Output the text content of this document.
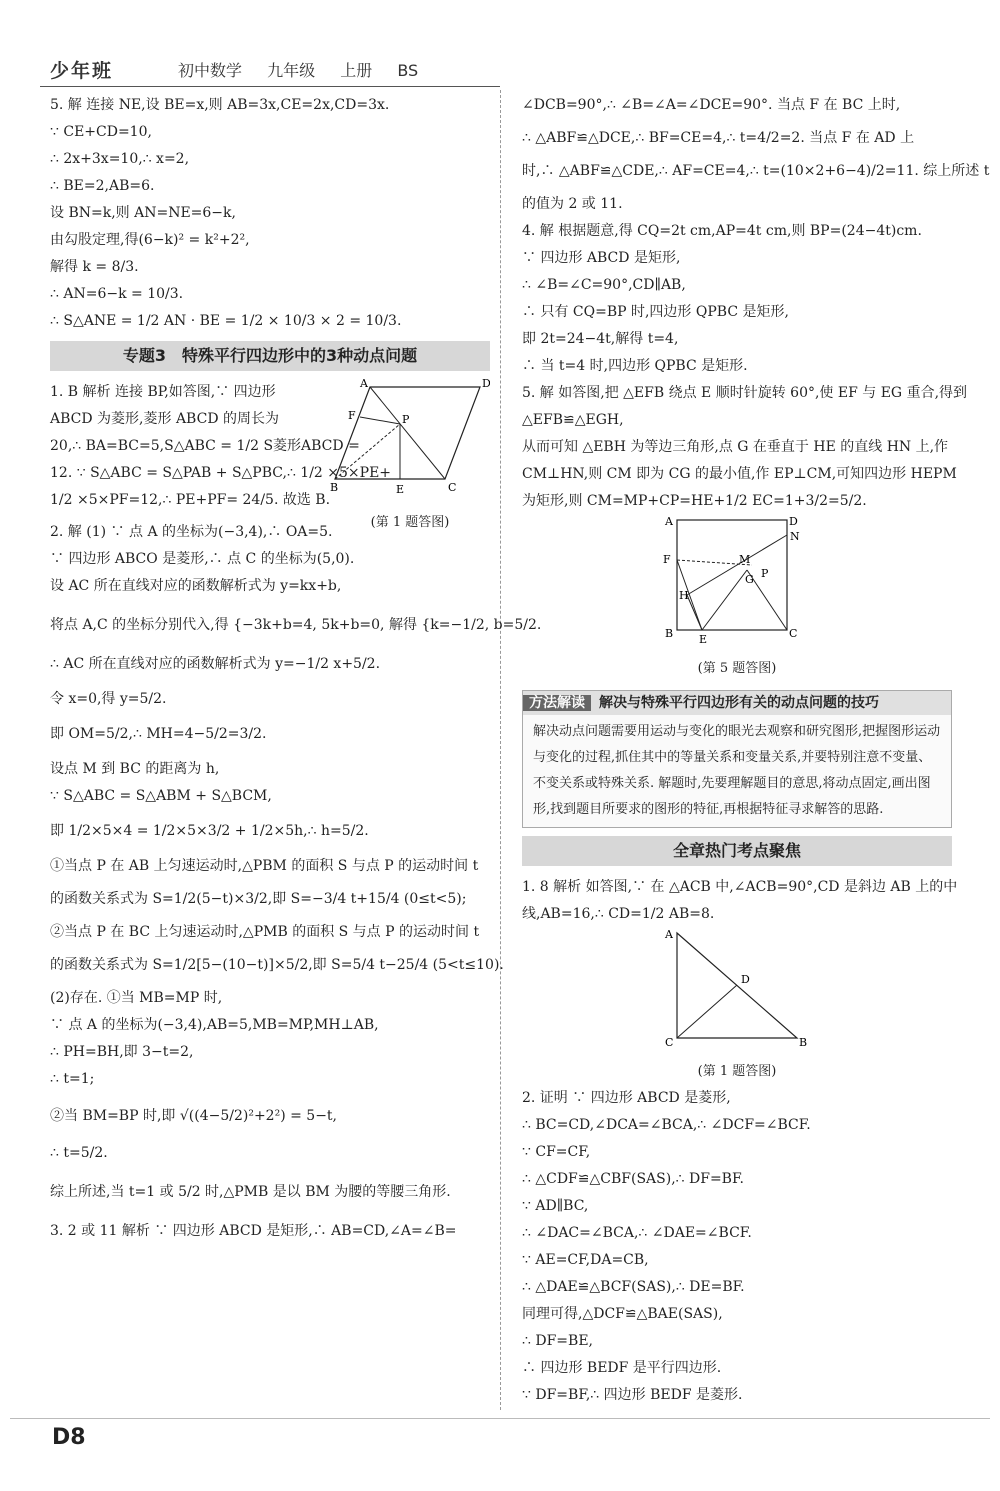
少年班	初中数学 九年级 上册 BS

5. 解 连接 NE,设 BE=x,则 AB=3x,CE=2x,CD=3x.

∵ CE+CD=10,

∴ 2x+3x=10,∴ x=2,

∴ BE=2,AB=6.

设 BN=k,则 AN=NE=6−k,

由勾股定理,得(6−k)² = k²+2²,

解得 k = 8/3.

∴ AN=6−k = 10/3.

∴ S△ANE = 1/2 AN · BE = 1/2 × 10/3 × 2 = 10/3.

专题3　特殊平行四边形中的3种动点问题

1. B 解析 连接 BP,如答图,∵ 四边形

ABCD 为菱形,菱形 ABCD 的周长为

20,∴ BA=BC=5,S△ABC = 1/2 S菱形ABCD =

12. ∵ S△ABC = S△PAB + S△PBC,∴ 1/2 ×5×PE+

1/2 ×5×PF=12,∴ PE+PF= 24/5. 故选 B.

A	D
B	C
P
F
E
(第 1 题答图)

2. 解 (1) ∵ 点 A 的坐标为(−3,4),∴ OA=5.

∵ 四边形 ABCO 是菱形,∴ 点 C 的坐标为(5,0).

设 AC 所在直线对应的函数解析式为 y=kx+b,

将点 A,C 的坐标分别代入,得 {−3k+b=4, 5k+b=0, 解得 {k=−1/2, b=5/2.

∴ AC 所在直线对应的函数解析式为 y=−1/2 x+5/2.

令 x=0,得 y=5/2.

即 OM=5/2,∴ MH=4−5/2=3/2.

设点 M 到 BC 的距离为 h,

∵ S△ABC = S△ABM + S△BCM,

即 1/2×5×4 = 1/2×5×3/2 + 1/2×5h,∴ h=5/2.

①当点 P 在 AB 上匀速运动时,△PBM 的面积 S 与点 P 的运动时间 t

的函数关系式为 S=1/2(5−t)×3/2,即 S=−3/4 t+15/4 (0≤t<5);

②当点 P 在 BC 上匀速运动时,△PMB 的面积 S 与点 P 的运动时间 t

的函数关系式为 S=1/2[5−(10−t)]×5/2,即 S=5/4 t−25/4 (5<t≤10).

(2)存在. ①当 MB=MP 时,

∵ 点 A 的坐标为(−3,4),AB=5,MB=MP,MH⊥AB,

∴ PH=BH,即 3−t=2,

∴ t=1;

②当 BM=BP 时,即 √((4−5/2)²+2²) = 5−t,

∴ t=5/2.

综上所述,当 t=1 或 5/2 时,△PMB 是以 BM 为腰的等腰三角形.

3. 2 或 11 解析 ∵ 四边形 ABCD 是矩形,∴ AB=CD,∠A=∠B=

∠DCB=90°,∴ ∠B=∠A=∠DCE=90°. 当点 F 在 BC 上时,

∴ △ABF≌△DCE,∴ BF=CE=4,∴ t=4/2=2. 当点 F 在 AD 上

时,∴ △ABF≌△CDE,∴ AF=CE=4,∴ t=(10×2+6−4)/2=11. 综上所述 t

的值为 2 或 11.

4. 解 根据题意,得 CQ=2t cm,AP=4t cm,则 BP=(24−4t)cm.

∵ 四边形 ABCD 是矩形,

∴ ∠B=∠C=90°,CD∥AB,

∴ 只有 CQ=BP 时,四边形 QPBC 是矩形,

即 2t=24−4t,解得 t=4,

∴ 当 t=4 时,四边形 QPBC 是矩形.

5. 解 如答图,把 △EFB 绕点 E 顺时针旋转 60°,使 EF 与 EG 重合,得到

△EFB≌△EGH,

从而可知 △EBH 为等边三角形,点 G 在垂直于 HE 的直线 HN 上,作

CM⊥HN,则 CM 即为 CG 的最小值,作 EP⊥CM,可知四边形 HEPM

为矩形,则 CM=MP+CP=HE+1/2 EC=1+3/2=5/2.

A	D
N
F	M
G P
H
B	C
E
(第 5 题答图)
方法解读 解决与特殊平行四边形有关的动点问题的技巧
解决动点问题需要用运动与变化的眼光去观察和研究图形,把握图形运动与变化的过程,抓住其中的等量关系和变量关系,并要特别注意不变量、不变关系或特殊关系. 解题时,先要理解题目的意思,将动点固定,画出图形,找到题目所要求的图形的特征,再根据特征寻求解答的思路.
全章热门考点聚焦

1. 8 解析 如答图,∵ 在 △ACB 中,∠ACB=90°,CD 是斜边 AB 上的中

线,AB=16,∴ CD=1/2 AB=8.

A
D
C	B
(第 1 题答图)

2. 证明 ∵ 四边形 ABCD 是菱形,

∴ BC=CD,∠DCA=∠BCA,∴ ∠DCF=∠BCF.

∵ CF=CF,

∴ △CDF≌△CBF(SAS),∴ DF=BF.

∵ AD∥BC,

∴ ∠DAC=∠BCA,∴ ∠DAE=∠BCF.

∵ AE=CF,DA=CB,

∴ △DAE≌△BCF(SAS),∴ DE=BF.

同理可得,△DCF≌△BAE(SAS),

∴ DF=BE,

∴ 四边形 BEDF 是平行四边形.

∵ DF=BF,∴ 四边形 BEDF 是菱形.

D8
